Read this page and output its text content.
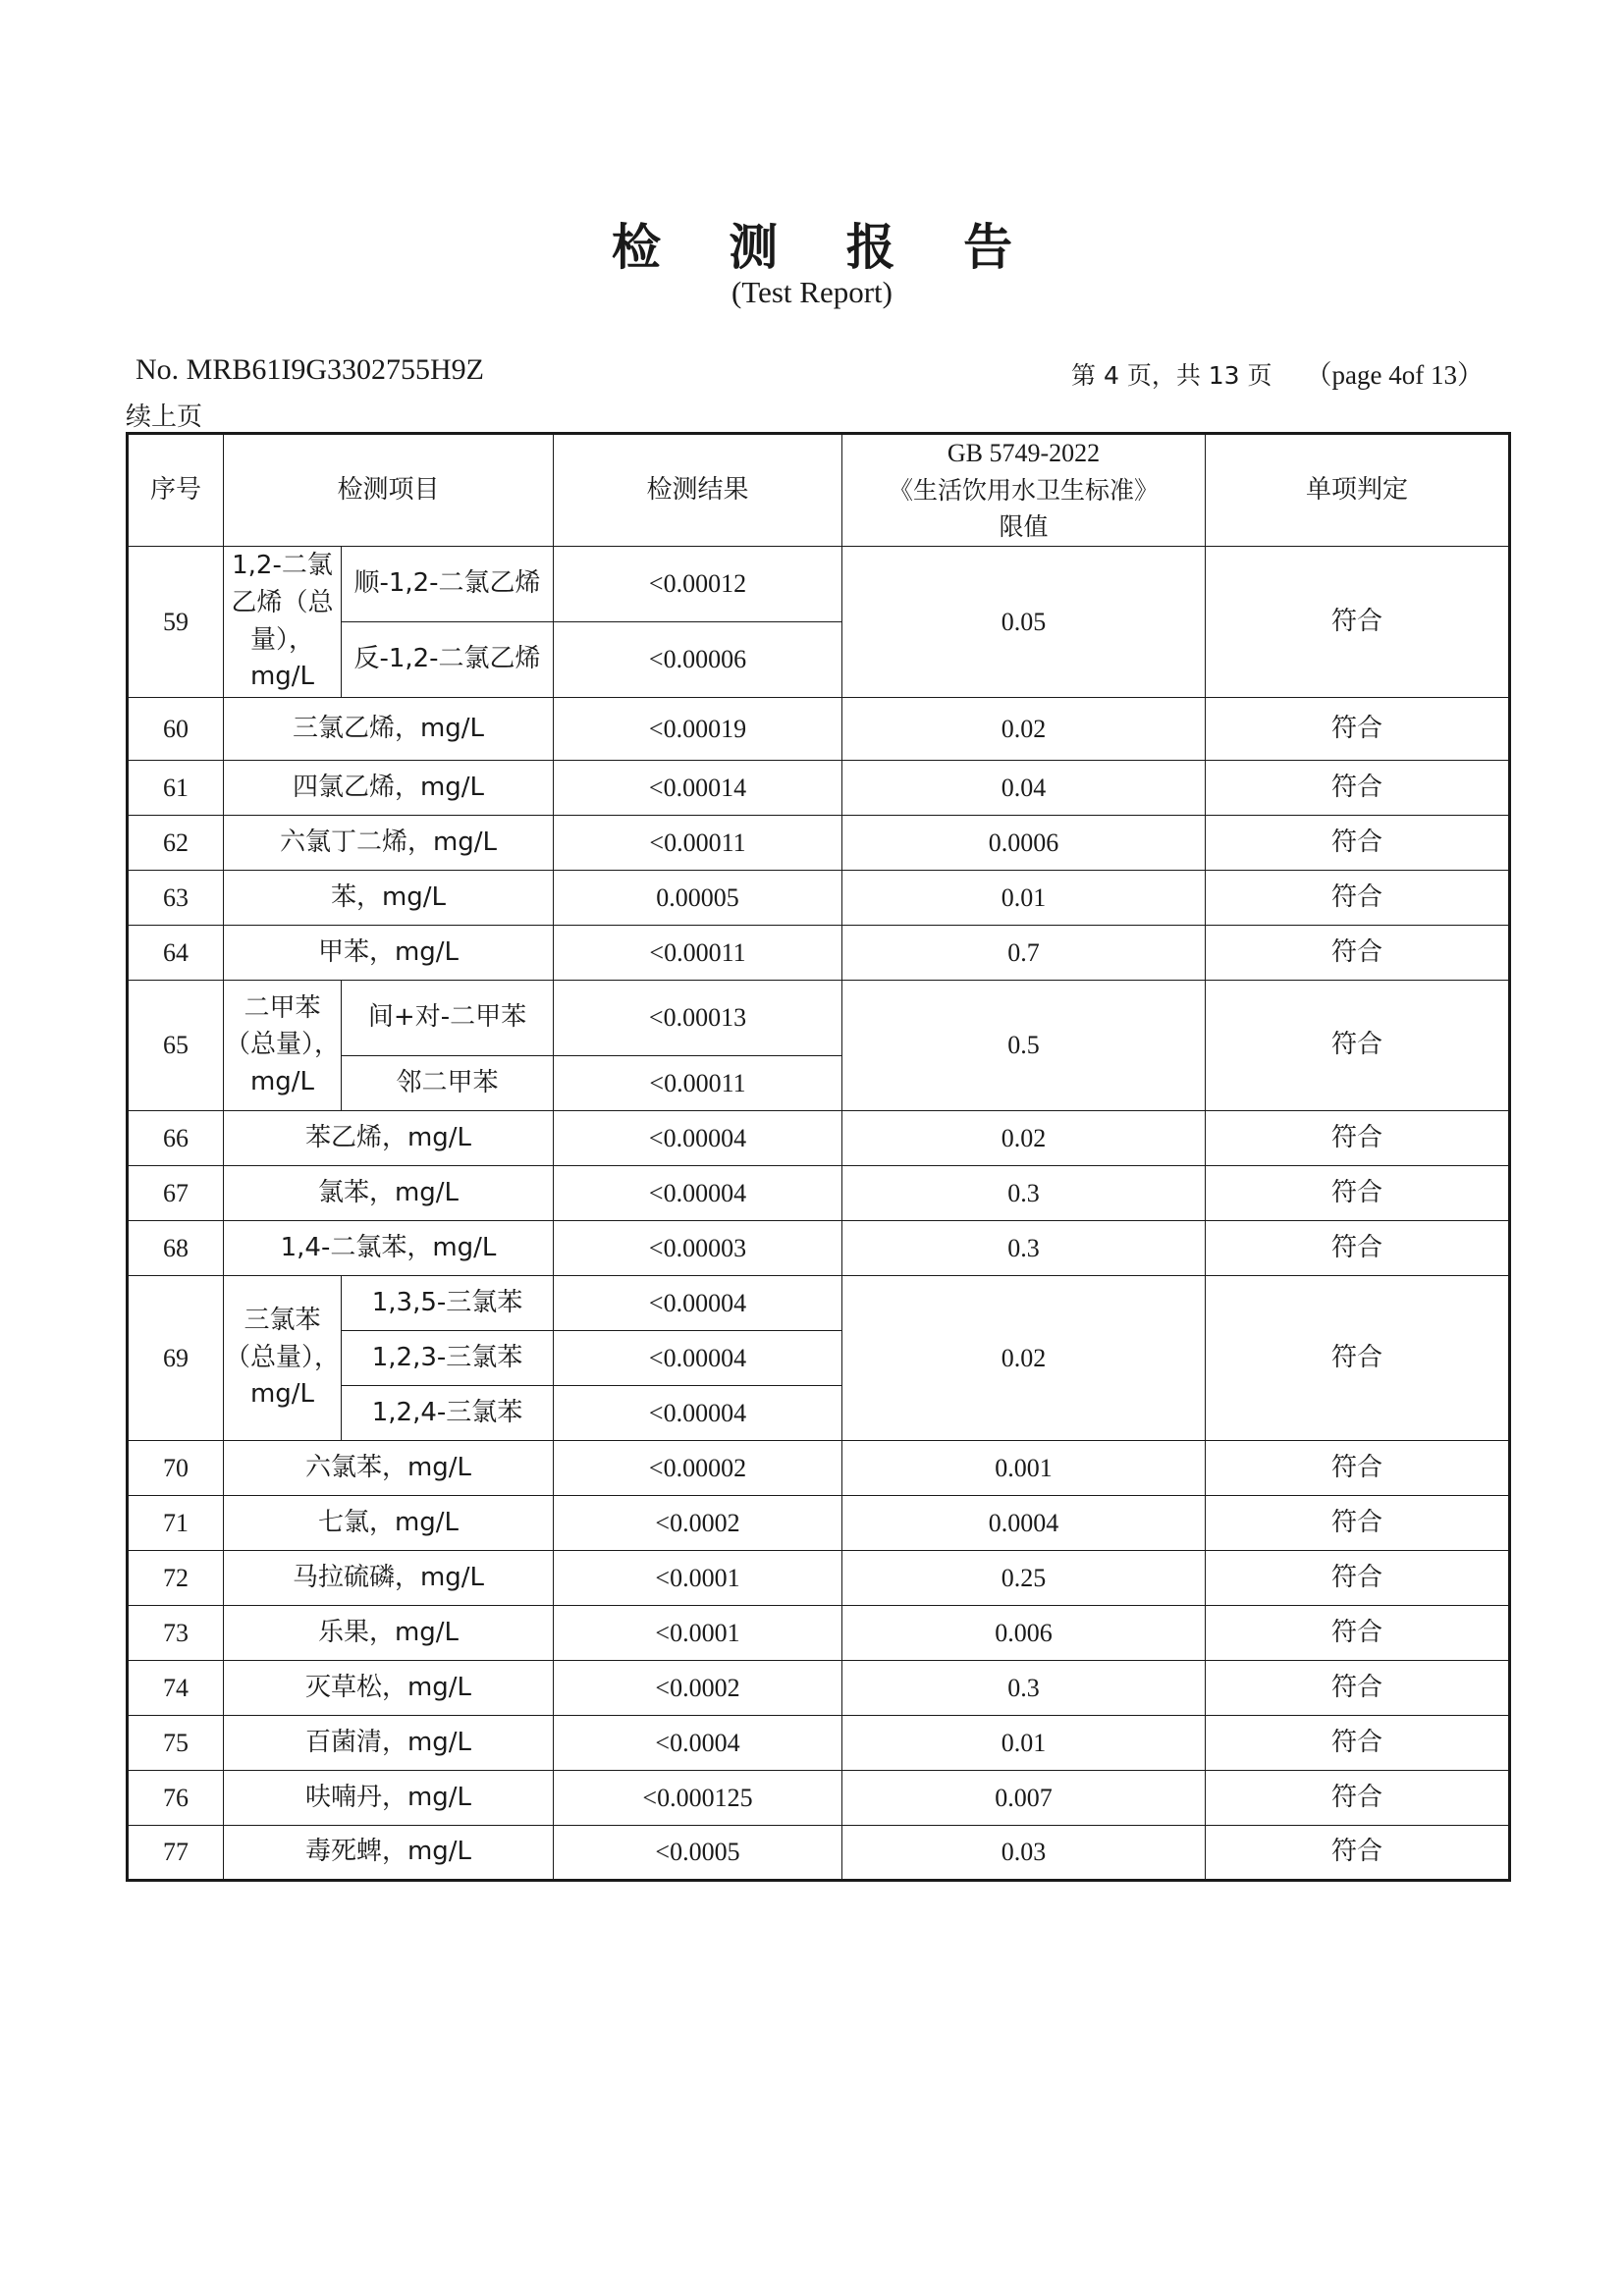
检 测 报 告
(Test Report)
No. MRB61I9G3302755H9Z	第 4 页，共 13 页 （page 4of 13）
续上页
序号	检测项目		检测结果	GB 5749-2022
《生活饮用水卫生标准》
限值	单项判定
59	1,2-二氯乙烯（总量），mg/L	顺-1,2-二氯乙烯	<0.00012	0.05	符合
		反-1,2-二氯乙烯	<0.00006		
60	三氯乙烯，mg/L		<0.00019	0.02	符合
61	四氯乙烯，mg/L		<0.00014	0.04	符合
62	六氯丁二烯，mg/L		<0.00011	0.0006	符合
63	苯，mg/L		0.00005	0.01	符合
64	甲苯，mg/L		<0.00011	0.7	符合
65	二甲苯（总量），mg/L	间+对-二甲苯	<0.00013	0.5	符合
		邻二甲苯	<0.00011		
66	苯乙烯，mg/L		<0.00004	0.02	符合
67	氯苯，mg/L		<0.00004	0.3	符合
68	1,4-二氯苯，mg/L		<0.00003	0.3	符合
69	三氯苯（总量），mg/L	1,3,5-三氯苯	<0.00004	0.02	符合
		1,2,3-三氯苯	<0.00004		
		1,2,4-三氯苯	<0.00004		
70	六氯苯，mg/L		<0.00002	0.001	符合
71	七氯，mg/L		<0.0002	0.0004	符合
72	马拉硫磷，mg/L		<0.0001	0.25	符合
73	乐果，mg/L		<0.0001	0.006	符合
74	灭草松，mg/L		<0.0002	0.3	符合
75	百菌清，mg/L		<0.0004	0.01	符合
76	呋喃丹，mg/L		<0.000125	0.007	符合
77	毒死蜱，mg/L		<0.0005	0.03	符合
